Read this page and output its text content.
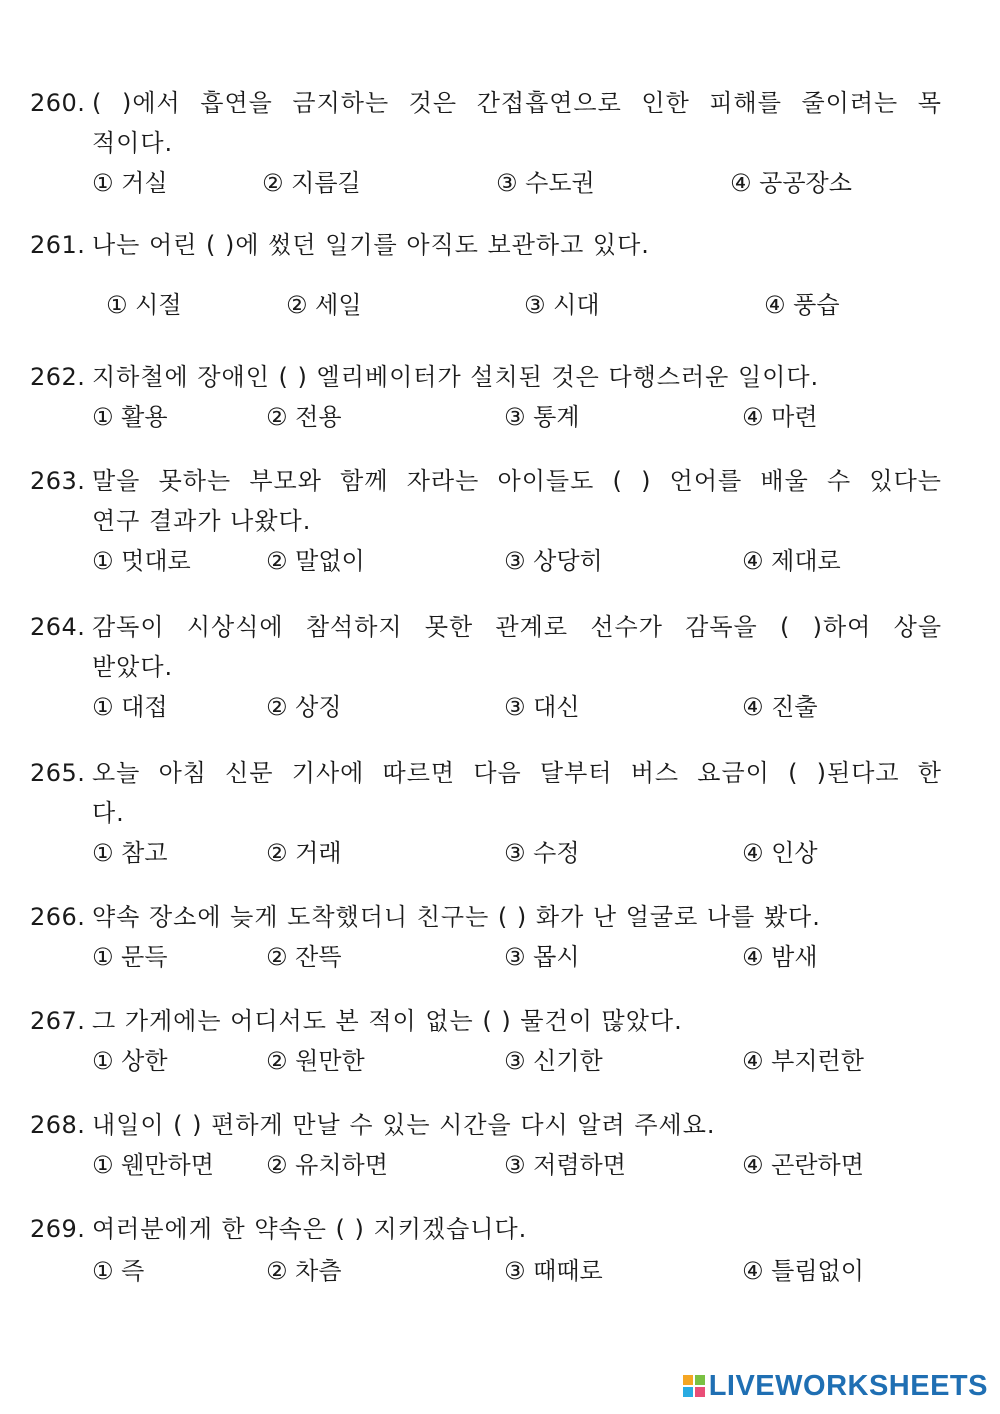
260. ( )에서 흡연을 금지하는 것은 간접흡연으로 인한 피해를 줄이려는 목
적이다.
① 거실	② 지름길	③ 수도권	④ 공공장소
261. 나는 어린 ( )에 썼던 일기를 아직도 보관하고 있다.
① 시절	② 세일	③ 시대	④ 풍습
262. 지하철에 장애인 ( ) 엘리베이터가 설치된 것은 다행스러운 일이다.
① 활용	② 전용	③ 통계	④ 마련
263. 말을 못하는 부모와 함께 자라는 아이들도 ( ) 언어를 배울 수 있다는
연구 결과가 나왔다.
① 멋대로	② 말없이	③ 상당히	④ 제대로
264. 감독이 시상식에 참석하지 못한 관계로 선수가 감독을 ( )하여 상을
받았다.
① 대접	② 상징	③ 대신	④ 진출
265. 오늘 아침 신문 기사에 따르면 다음 달부터 버스 요금이 ( )된다고 한
다.
① 참고	② 거래	③ 수정	④ 인상
266. 약속 장소에 늦게 도착했더니 친구는 ( ) 화가 난 얼굴로 나를 봤다.
① 문득	② 잔뜩	③ 몹시	④ 밤새
267. 그 가게에는 어디서도 본 적이 없는 ( ) 물건이 많았다.
① 상한	② 원만한	③ 신기한	④ 부지런한
268. 내일이 ( ) 편하게 만날 수 있는 시간을 다시 알려 주세요.
① 웬만하면 ② 유치하면	③ 저렴하면	④ 곤란하면
269. 여러분에게 한 약속은 ( ) 지키겠습니다.
① 즉	② 차츰	③ 때때로	④ 틀림없이
LIVEWORKSHEETS
